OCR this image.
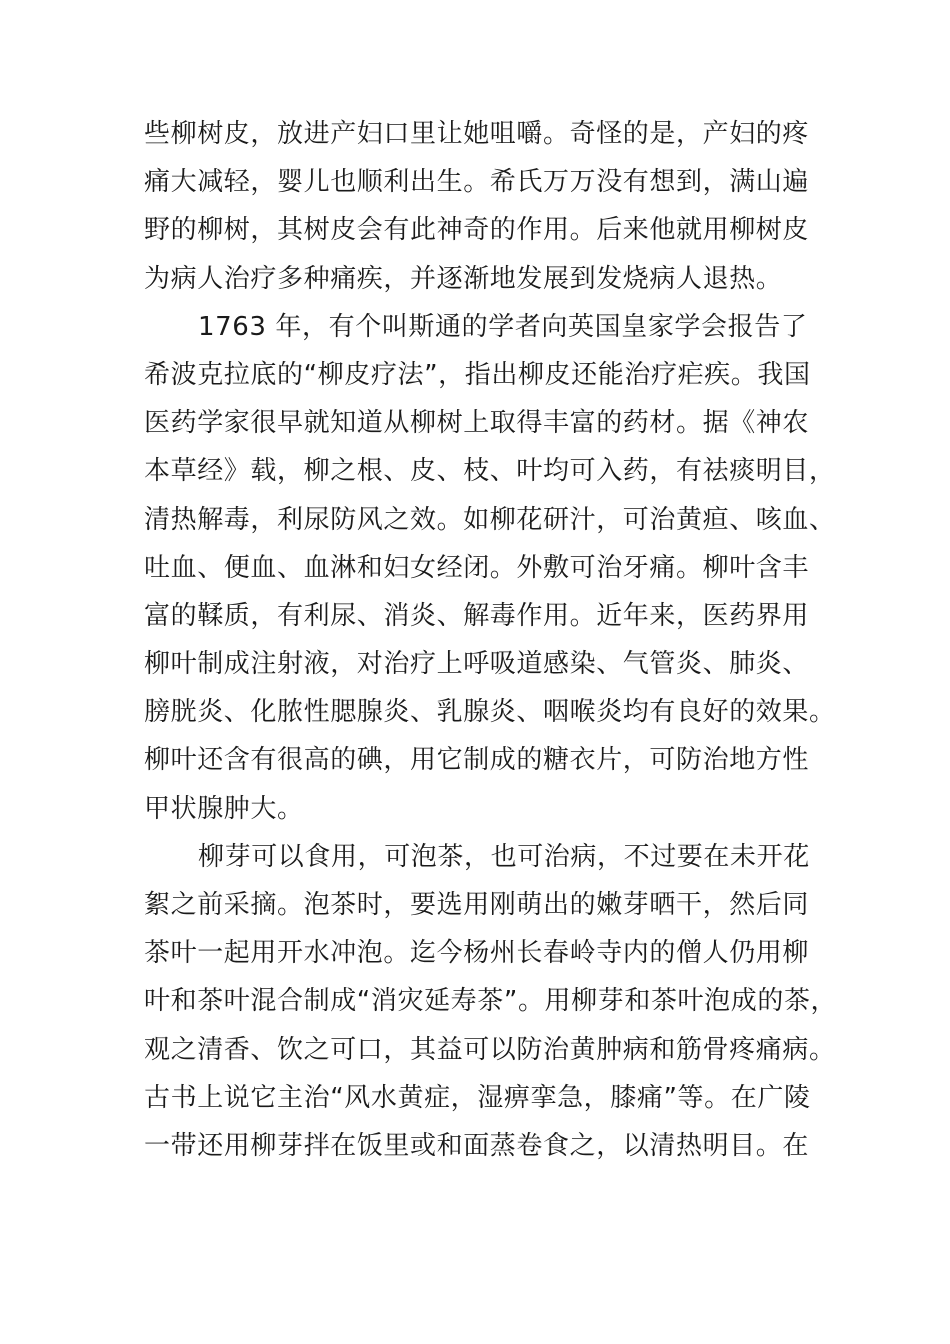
些柳树皮，放进产妇口里让她咀嚼。奇怪的是，产妇的疼
痛大减轻，婴儿也顺利出生。希氏万万没有想到，满山遍
野的柳树，其树皮会有此神奇的作用。后来他就用柳树皮
为病人治疗多种痛疾，并逐渐地发展到发烧病人退热。
1763 年，有个叫斯通的学者向英国皇家学会报告了
希波克拉底的“柳皮疗法”，指出柳皮还能治疗疟疾。我国
医药学家很早就知道从柳树上取得丰富的药材。据《神农
本草经》载，柳之根、皮、枝、叶均可入药，有祛痰明目，
清热解毒，利尿防风之效。如柳花研汁，可治黄疸、咳血、
吐血、便血、血淋和妇女经闭。外敷可治牙痛。柳叶含丰
富的鞣质，有利尿、消炎、解毒作用。近年来，医药界用
柳叶制成注射液，对治疗上呼吸道感染、气管炎、肺炎、
膀胱炎、化脓性腮腺炎、乳腺炎、咽喉炎均有良好的效果。
柳叶还含有很高的碘，用它制成的糖衣片，可防治地方性
甲状腺肿大。
柳芽可以食用，可泡茶，也可治病，不过要在未开花
絮之前采摘。泡茶时，要选用刚萌出的嫩芽晒干，然后同
茶叶一起用开水冲泡。迄今杨州长春岭寺内的僧人仍用柳
叶和茶叶混合制成“消灾延寿茶”。用柳芽和茶叶泡成的茶，
观之清香、饮之可口，其益可以防治黄肿病和筋骨疼痛病。
古书上说它主治“风水黄症，湿痹挛急，膝痛”等。在广陵
一带还用柳芽拌在饭里或和面蒸卷食之，以清热明目。在
